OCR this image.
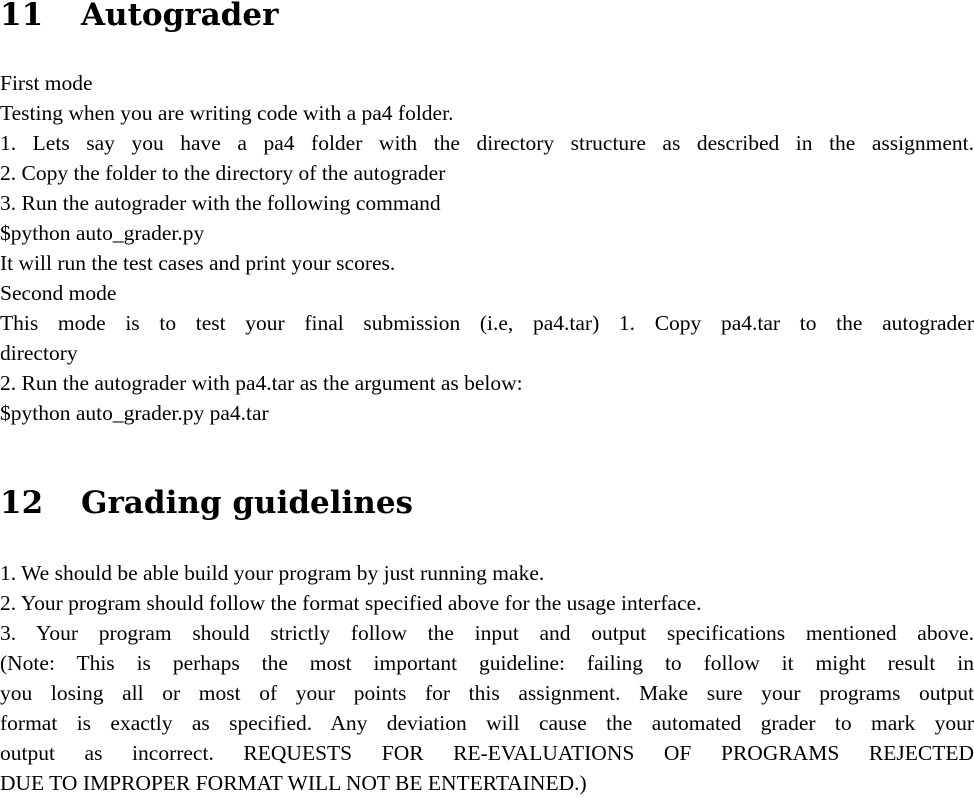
11 Autograder

First mode

Testing when you are writing code with a pa4 folder.

1. Lets say you have a pa4 folder with the directory structure as described in the assignment.

2. Copy the folder to the directory of the autograder

3. Run the autograder with the following command

$python auto_grader.py

It will run the test cases and print your scores.

Second mode

This mode is to test your final submission (i.e, pa4.tar) 1. Copy pa4.tar to the autograder

directory

2. Run the autograder with pa4.tar as the argument as below:

$python auto_grader.py pa4.tar

12 Grading guidelines

1. We should be able build your program by just running make.

2. Your program should follow the format specified above for the usage interface.

3. Your program should strictly follow the input and output specifications mentioned above.

(Note: This is perhaps the most important guideline: failing to follow it might result in

you losing all or most of your points for this assignment. Make sure your programs output

format is exactly as specified. Any deviation will cause the automated grader to mark your

output as incorrect. REQUESTS FOR RE-EVALUATIONS OF PROGRAMS REJECTED

DUE TO IMPROPER FORMAT WILL NOT BE ENTERTAINED.)
